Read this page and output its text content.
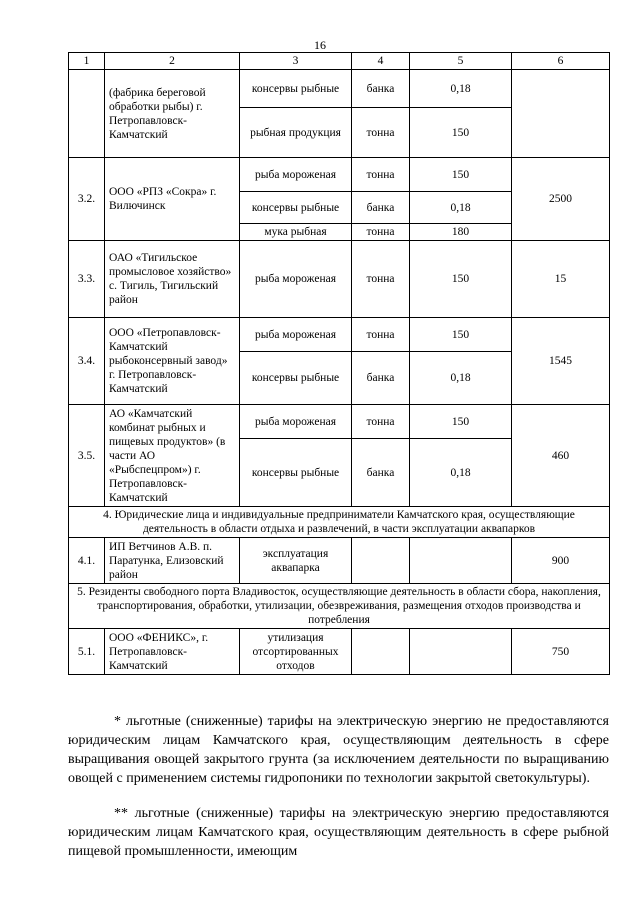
16
1	2	3	4	5	6
	(фабрика береговой обработки рыбы) г. Петропавловск-Камчатский	консервы рыбные	банка	0,18	
		рыбная продукция	тонна	150	
3.2.	ООО «РПЗ «Сокра» г. Вилючинск	рыба мороженая	тонна	150	2500
		консервы рыбные	банка	0,18	
		мука рыбная	тонна	180	
3.3.	ОАО «Тигильское промысловое хозяйство» с. Тигиль, Тигильский район	рыба мороженая	тонна	150	15
3.4.	ООО «Петропавловск-Камчатский рыбоконсервный завод» г. Петропавловск-Камчатский	рыба мороженая	тонна	150	1545
		консервы рыбные	банка	0,18	
3.5.	АО «Камчатский комбинат рыбных и пищевых продуктов» (в части АО «Рыбспецпром») г. Петропавловск-Камчатский	рыба мороженая	тонна	150	460
		консервы рыбные	банка	0,18	
4. Юридические лица и индивидуальные предприниматели Камчатского края, осуществляющие деятельность в области отдыха и развлечений, в части эксплуатации аквапарков					
4.1.	ИП Ветчинов А.В. п. Паратунка, Елизовский район	эксплуатация аквапарка			900
5. Резиденты свободного порта Владивосток, осуществляющие деятельность в области сбора, накопления, транспортирования, обработки, утилизации, обезвреживания, размещения отходов производства и потребления					
5.1.	ООО «ФЕНИКС», г. Петропавловск-Камчатский	утилизация отсортированных отходов			750

* льготные (сниженные) тарифы на электрическую энергию не предоставляются юридическим лицам Камчатского края, осуществляющим деятельность в сфере выращивания овощей закрытого грунта (за исключением деятельности по выращиванию овощей с применением системы гидропоники по технологии закрытой светокультуры).

** льготные (сниженные) тарифы на электрическую энергию предоставляются юридическим лицам Камчатского края, осуществляющим деятельность в сфере рыбной пищевой промышленности, имеющим
